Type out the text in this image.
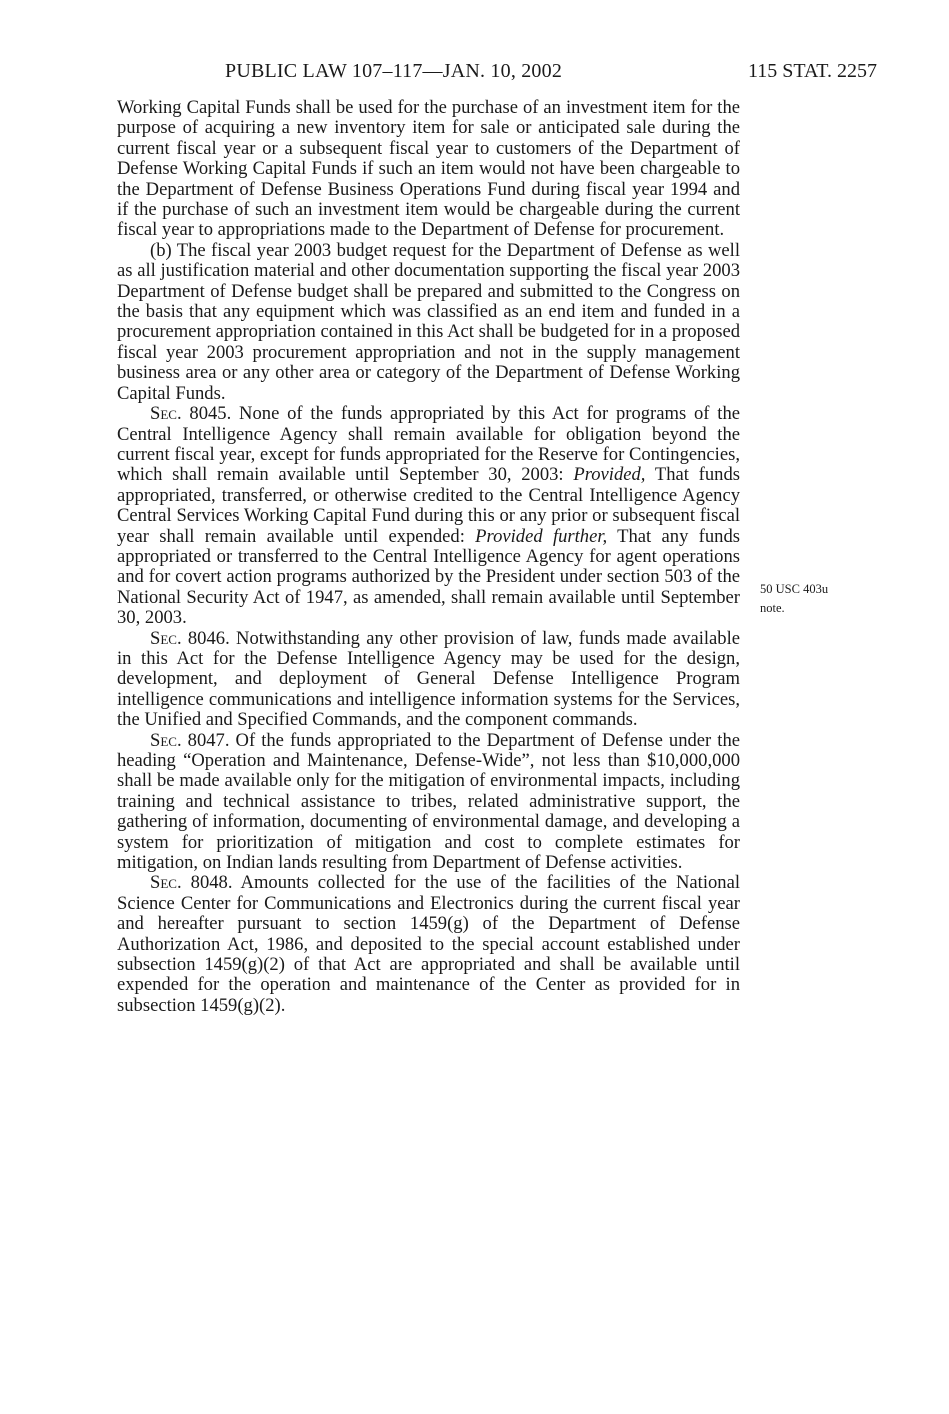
PUBLIC LAW 107–117—JAN. 10, 2002	115 STAT. 2257

Working Capital Funds shall be used for the purchase of an investment item for the purpose of acquiring a new inventory item for sale or anticipated sale during the current fiscal year or a subsequent fiscal year to customers of the Department of Defense Working Capital Funds if such an item would not have been chargeable to the Department of Defense Business Operations Fund during fiscal year 1994 and if the purchase of such an investment item would be chargeable during the current fiscal year to appropriations made to the Department of Defense for procurement.

(b) The fiscal year 2003 budget request for the Department of Defense as well as all justification material and other documentation supporting the fiscal year 2003 Department of Defense budget shall be prepared and submitted to the Congress on the basis that any equipment which was classified as an end item and funded in a procurement appropriation contained in this Act shall be budgeted for in a proposed fiscal year 2003 procurement appropriation and not in the supply management business area or any other area or category of the Department of Defense Working Capital Funds.

Sec. 8045. None of the funds appropriated by this Act for programs of the Central Intelligence Agency shall remain available for obligation beyond the current fiscal year, except for funds appropriated for the Reserve for Contingencies, which shall remain available until September 30, 2003: Provided, That funds appropriated, transferred, or otherwise credited to the Central Intelligence Agency Central Services Working Capital Fund during this or any prior or subsequent fiscal year shall remain available until expended: Provided further, That any funds appropriated or transferred to the Central Intelligence Agency for agent operations and for covert action programs authorized by the President under section 503 of the National Security Act of 1947, as amended, shall remain available until September 30, 2003.

Sec. 8046. Notwithstanding any other provision of law, funds made available in this Act for the Defense Intelligence Agency may be used for the design, development, and deployment of General Defense Intelligence Program intelligence communications and intelligence information systems for the Services, the Unified and Specified Commands, and the component commands.

Sec. 8047. Of the funds appropriated to the Department of Defense under the heading “Operation and Maintenance, Defense-Wide”, not less than $10,000,000 shall be made available only for the mitigation of environmental impacts, including training and technical assistance to tribes, related administrative support, the gathering of information, documenting of environmental damage, and developing a system for prioritization of mitigation and cost to complete estimates for mitigation, on Indian lands resulting from Department of Defense activities.

Sec. 8048. Amounts collected for the use of the facilities of the National Science Center for Communications and Electronics during the current fiscal year and hereafter pursuant to section 1459(g) of the Department of Defense Authorization Act, 1986, and deposited to the special account established under subsection 1459(g)(2) of that Act are appropriated and shall be available until expended for the operation and maintenance of the Center as provided for in subsection 1459(g)(2).

50 USC 403u
note.
